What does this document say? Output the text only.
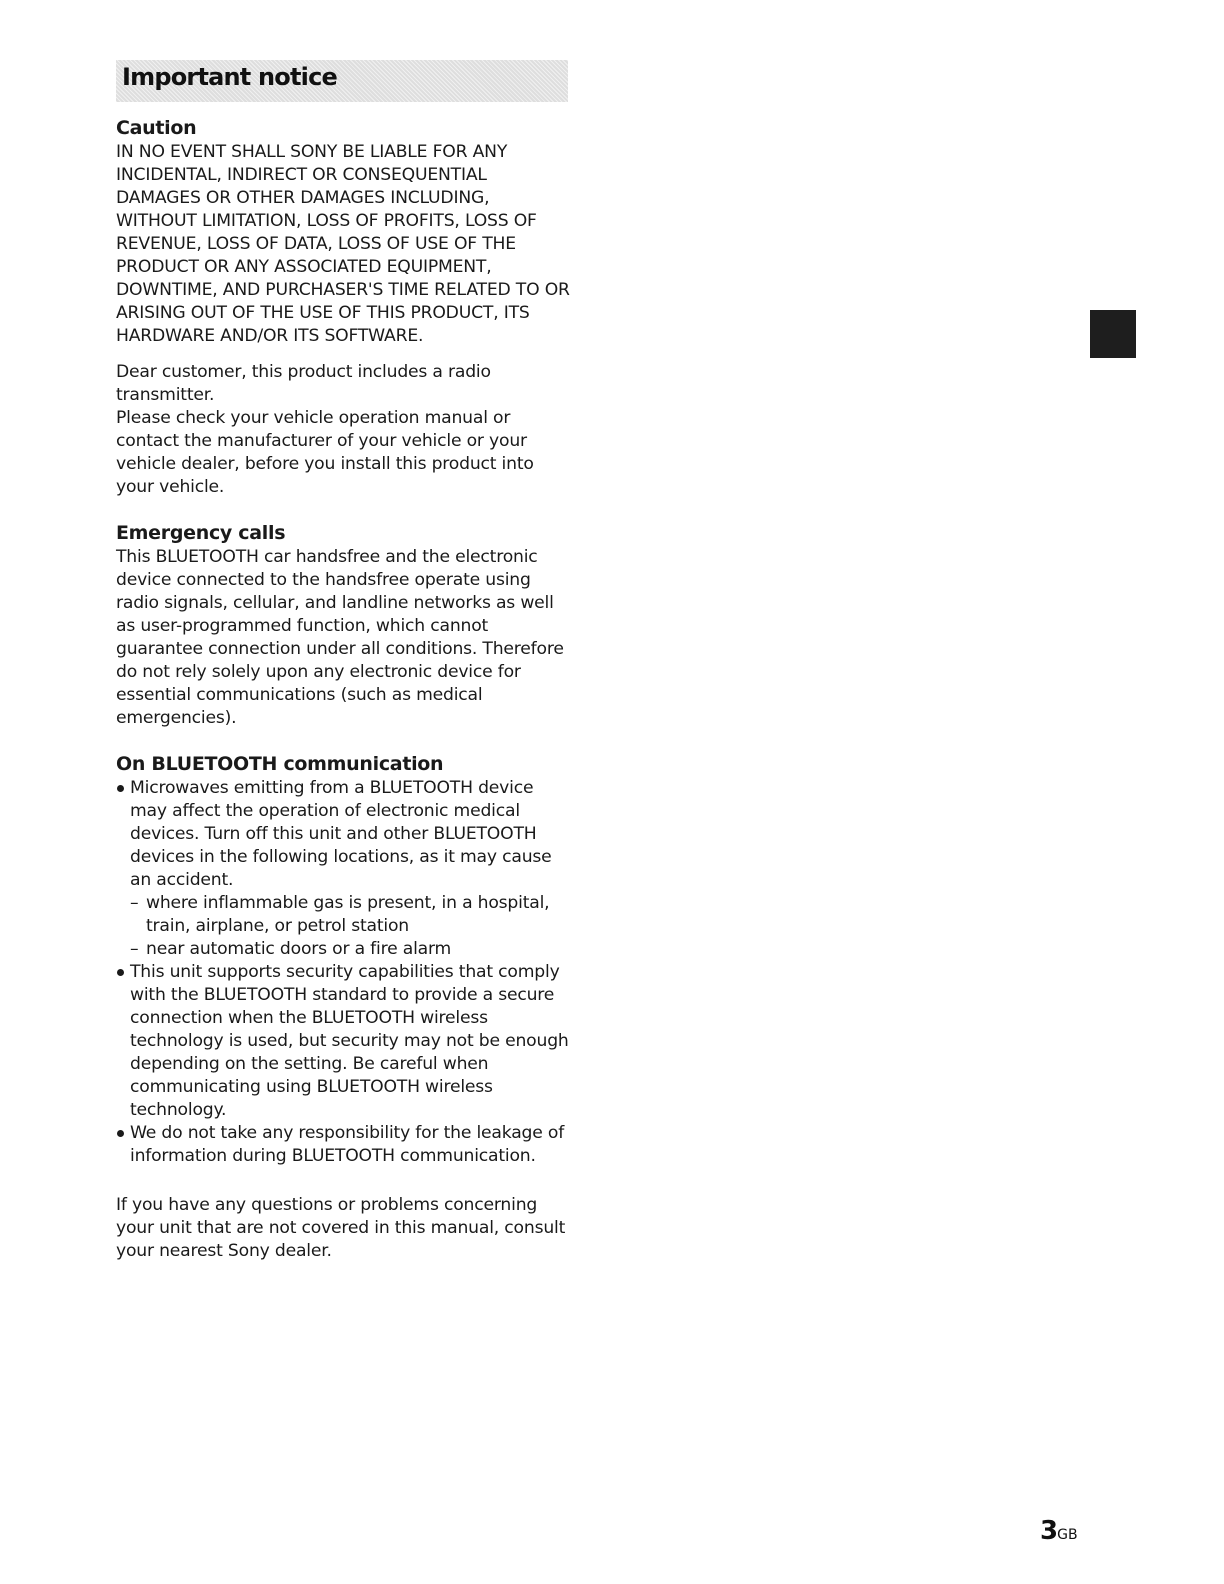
Important notice
Caution

IN NO EVENT SHALL SONY BE LIABLE FOR ANY INCIDENTAL, INDIRECT OR CONSEQUENTIAL DAMAGES OR OTHER DAMAGES INCLUDING, WITHOUT LIMITATION, LOSS OF PROFITS, LOSS OF REVENUE, LOSS OF DATA, LOSS OF USE OF THE PRODUCT OR ANY ASSOCIATED EQUIPMENT, DOWNTIME, AND PURCHASER'S TIME RELATED TO OR ARISING OUT OF THE USE OF THIS PRODUCT, ITS HARDWARE AND/OR ITS SOFTWARE.

Dear customer, this product includes a radio transmitter.

Please check your vehicle operation manual or contact the manufacturer of your vehicle or your vehicle dealer, before you install this product into your vehicle.

Emergency calls

This BLUETOOTH car handsfree and the electronic device connected to the handsfree operate using radio signals, cellular, and landline networks as well as user-programmed function, which cannot guarantee connection under all conditions. Therefore do not rely solely upon any electronic device for essential communications (such as medical emergencies).

On BLUETOOTH communication
Microwaves emitting from a BLUETOOTH device may affect the operation of electronic medical devices. Turn off this unit and other BLUETOOTH devices in the following locations, as it may cause an accident.
– where inflammable gas is present, in a hospital, train, airplane, or petrol station
– near automatic doors or a fire alarm
This unit supports security capabilities that comply with the BLUETOOTH standard to provide a secure connection when the BLUETOOTH wireless technology is used, but security may not be enough depending on the setting. Be careful when communicating using BLUETOOTH wireless technology.
We do not take any responsibility for the leakage of information during BLUETOOTH communication.

If you have any questions or problems concerning your unit that are not covered in this manual, consult your nearest Sony dealer.

3GB
